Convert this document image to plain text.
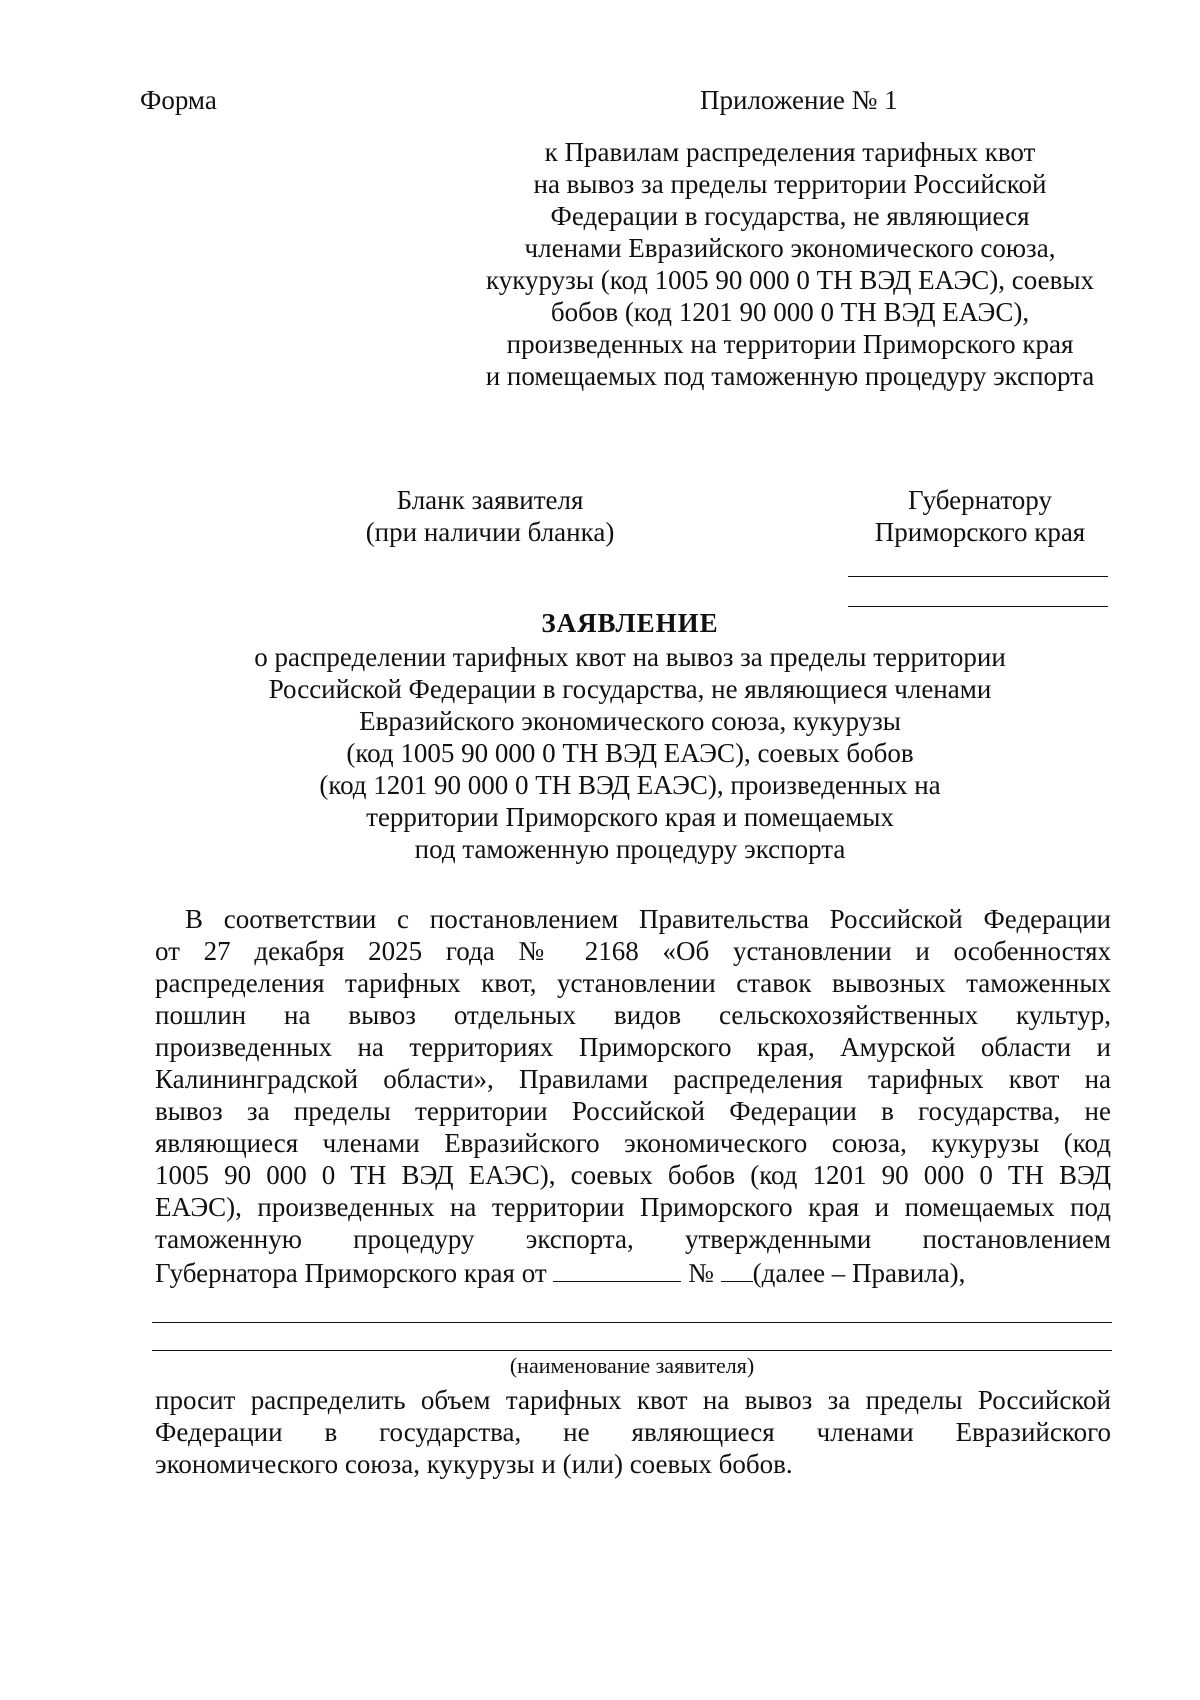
Форма	Приложение № 1
к Правилам распределения тарифных квот
на вывоз за пределы территории Российской
Федерации в государства, не являющиеся
членами Евразийского экономического союза,
кукурузы (код 1005 90 000 0 ТН ВЭД ЕАЭС), соевых
бобов (код 1201 90 000 0 ТН ВЭД ЕАЭС),
произведенных на территории Приморского края
и помещаемых под таможенную процедуру экспорта
Бланк заявителя
(при наличии бланка)
Губернатору
Приморского края
ЗАЯВЛЕНИЕ
о распределении тарифных квот на вывоз за пределы территории
Российской Федерации в государства, не являющиеся членами
Евразийского экономического союза, кукурузы
(код 1005 90 000 0 ТН ВЭД ЕАЭС), соевых бобов
(код 1201 90 000 0 ТН ВЭД ЕАЭС), произведенных на
территории Приморского края и помещаемых
под таможенную процедуру экспорта
В соответствии с постановлением Правительства Российской Федерации
от 27 декабря 2025 года № 2168 «Об установлении и особенностях
распределения тарифных квот, установлении ставок вывозных таможенных
пошлин на вывоз отдельных видов сельскохозяйственных культур,
произведенных на территориях Приморского края, Амурской области и
Калининградской области», Правилами распределения тарифных квот на
вывоз за пределы территории Российской Федерации в государства, не
являющиеся членами Евразийского экономического союза, кукурузы (код
1005 90 000 0 ТН ВЭД ЕАЭС), соевых бобов (код 1201 90 000 0 ТН ВЭД
ЕАЭС), произведенных на территории Приморского края и помещаемых под
таможенную процедуру экспорта, утвержденными постановлением
Губернатора Приморского края от	№ (далее – Правила),
(наименование заявителя)
просит распределить объем тарифных квот на вывоз за пределы Российской
Федерации в государства, не являющиеся членами Евразийского
экономического союза, кукурузы и (или) соевых бобов.
